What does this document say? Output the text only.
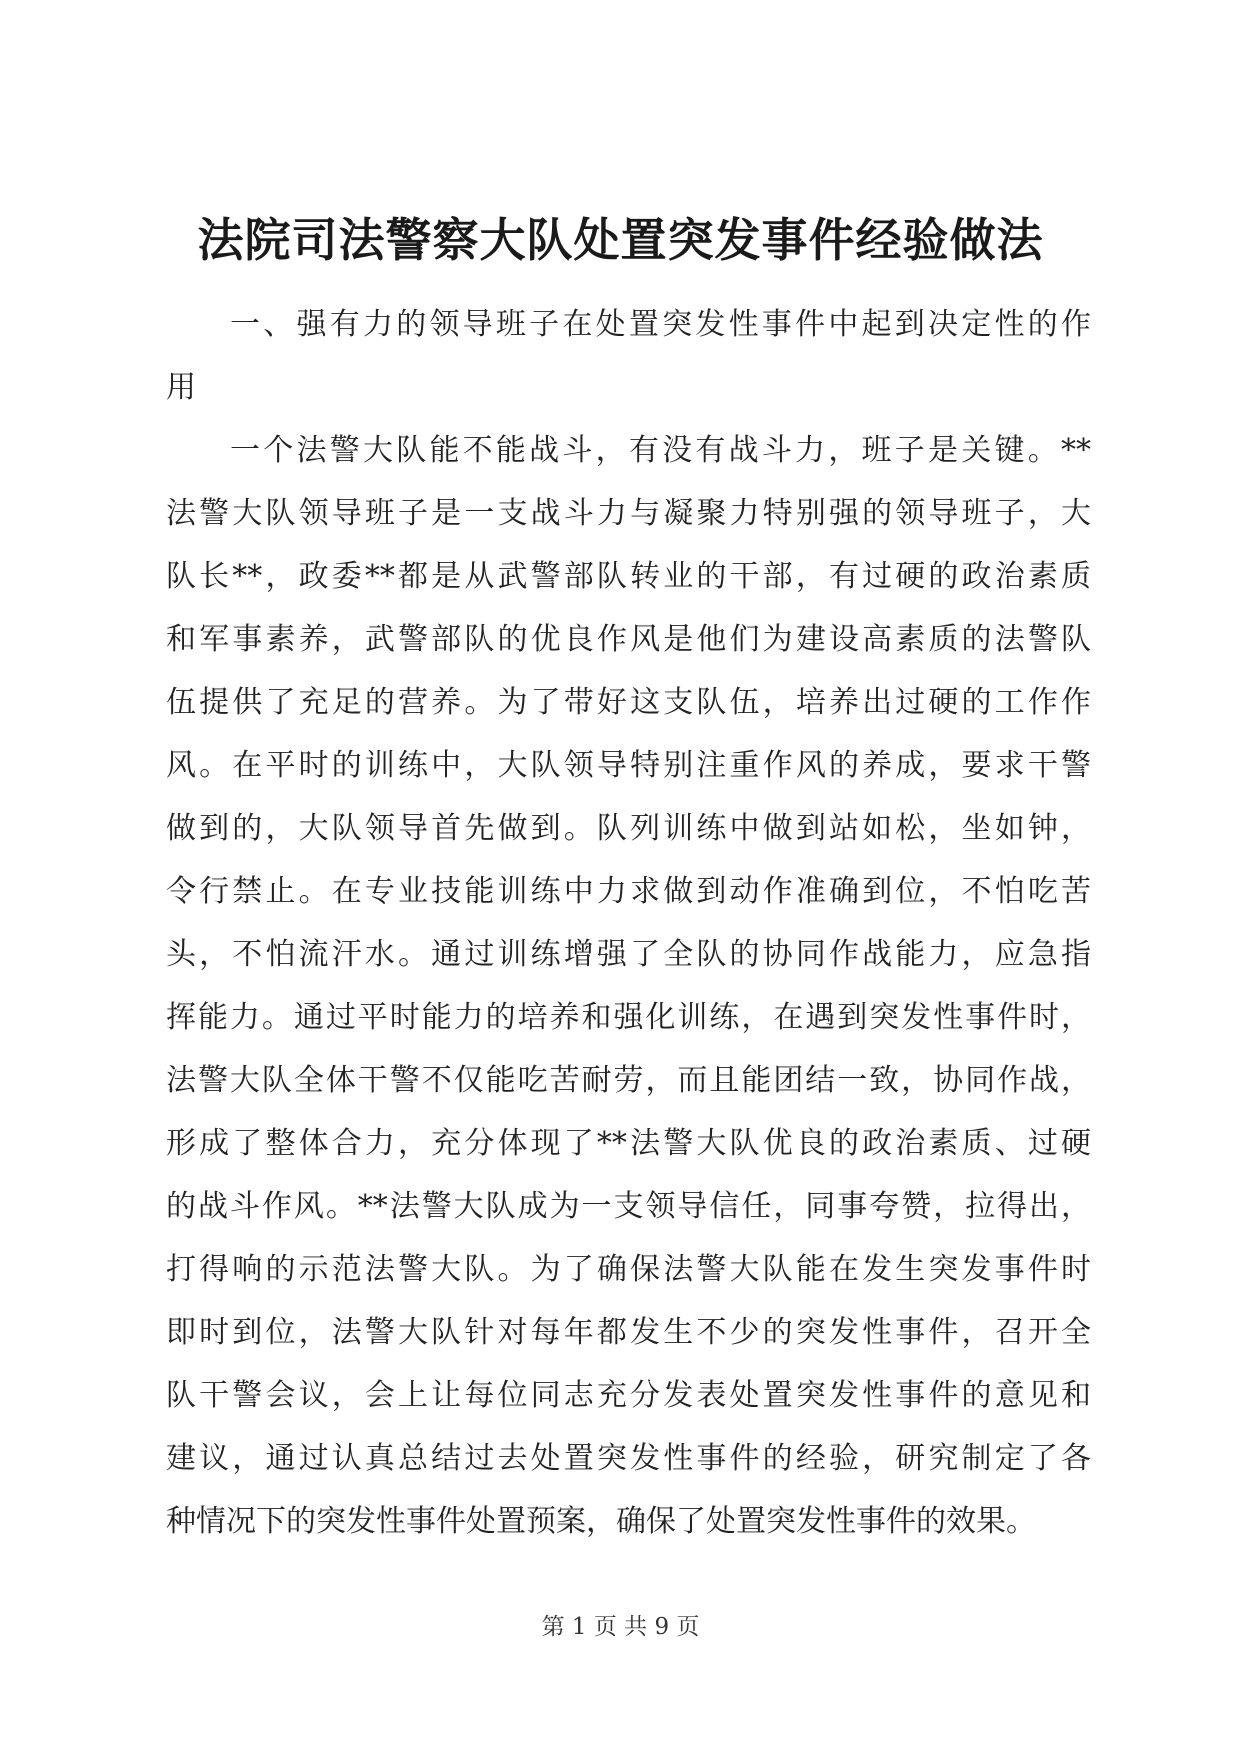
法院司法警察大队处置突发事件经验做法
一、强有力的领导班子在处置突发性事件中起到决定性的作
用
一个法警大队能不能战斗，有没有战斗力，班子是关键。**
法警大队领导班子是一支战斗力与凝聚力特别强的领导班子，大
队长**，政委**都是从武警部队转业的干部，有过硬的政治素质
和军事素养，武警部队的优良作风是他们为建设高素质的法警队
伍提供了充足的营养。为了带好这支队伍，培养出过硬的工作作
风。在平时的训练中，大队领导特别注重作风的养成，要求干警
做到的，大队领导首先做到。队列训练中做到站如松，坐如钟，
令行禁止。在专业技能训练中力求做到动作准确到位，不怕吃苦
头，不怕流汗水。通过训练增强了全队的协同作战能力，应急指
挥能力。通过平时能力的培养和强化训练，在遇到突发性事件时，
法警大队全体干警不仅能吃苦耐劳，而且能团结一致，协同作战，
形成了整体合力，充分体现了**法警大队优良的政治素质、过硬
的战斗作风。**法警大队成为一支领导信任，同事夸赞，拉得出，
打得响的示范法警大队。为了确保法警大队能在发生突发事件时
即时到位，法警大队针对每年都发生不少的突发性事件，召开全
队干警会议，会上让每位同志充分发表处置突发性事件的意见和
建议，通过认真总结过去处置突发性事件的经验，研究制定了各
种情况下的突发性事件处置预案，确保了处置突发性事件的效果。
第 1 页 共 9 页
